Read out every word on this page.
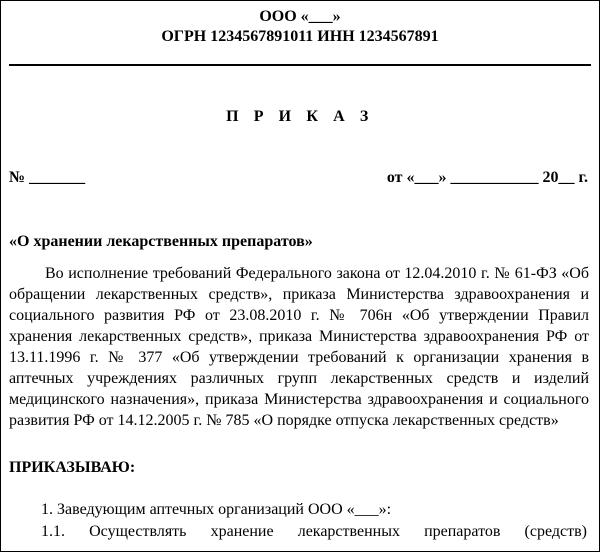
ООО «___»
ОГРН 1234567891011 ИНН 1234567891
П Р И К А З
№ _______	от «___» ___________ 20__ г.
«О хранении лекарственных препаратов»

Во исполнение требований Федерального закона от 12.04.2010 г. № 61-ФЗ «Об обращении лекарственных средств», приказа Министерства здравоохранения и социального развития РФ от 23.08.2010 г. № 706н «Об утверждении Правил хранения лекарственных средств», приказа Министерства здравоохранения РФ от 13.11.1996 г. № 377 «Об утверждении требований к организации хранения в аптечных учреждениях различных групп лекарственных средств и изделий медицинского назначения», приказа Министерства здравоохранения и социального развития РФ от 14.12.2005 г. № 785 «О порядке отпуска лекарственных средств»

ПРИКАЗЫВАЮ:
1. Заведующим аптечных организаций ООО «___»:
1.1. Осуществлять хранение лекарственных препаратов (средств)
